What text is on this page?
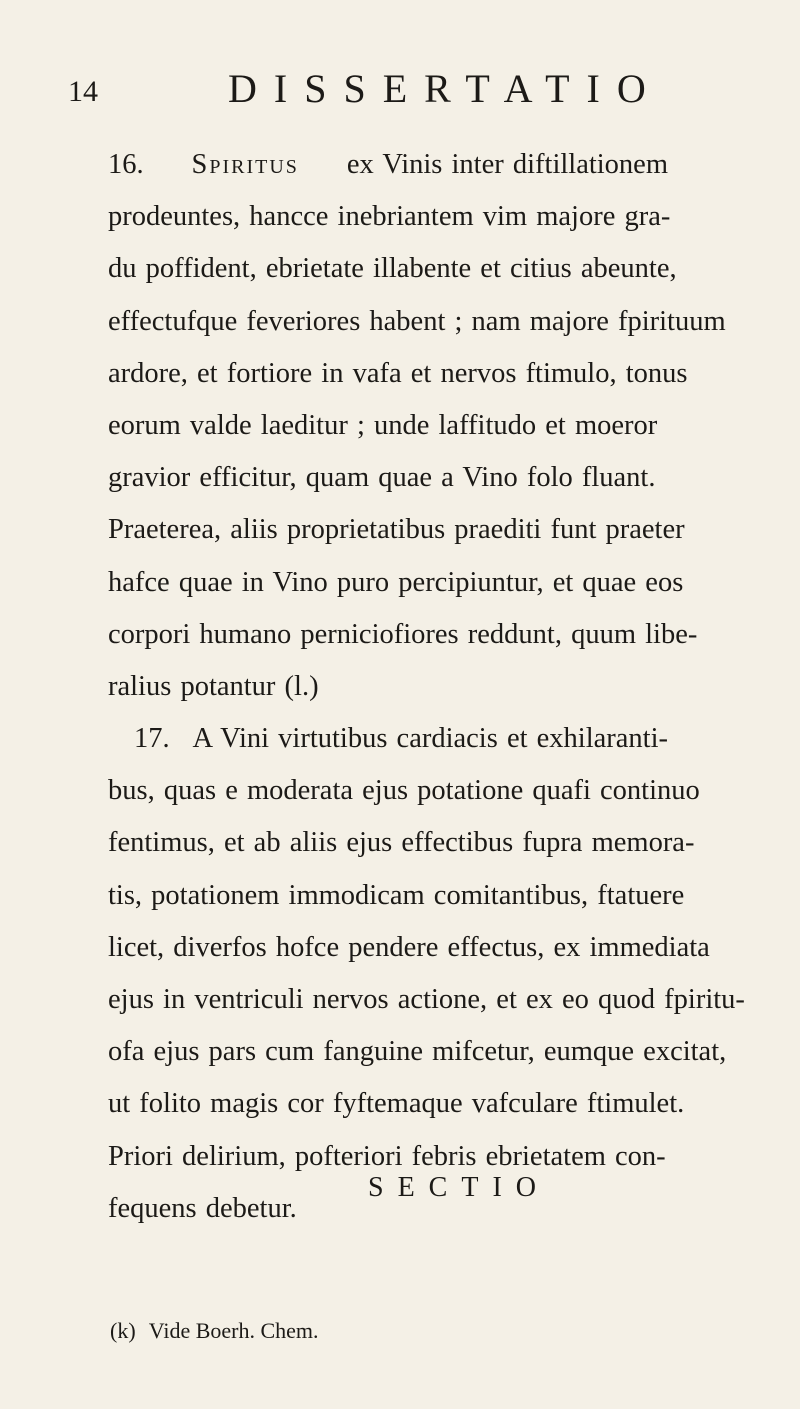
14	DISSERTATIO
16. Spiritus ex Vinis inter diftillationem
prodeuntes, hancce inebriantem vim majore gra-
du poffident, ebrietate illabente et citius abeunte,
effectufque feveriores habent ; nam majore fpirituum
ardore, et fortiore in vafa et nervos ftimulo, tonus
eorum valde laeditur ; unde laffitudo et moeror
gravior efficitur, quam quae a Vino folo fluant.
Praeterea, aliis proprietatibus praediti funt praeter
hafce quae in Vino puro percipiuntur, et quae eos
corpori humano perniciofiores reddunt, quum libe-
ralius potantur (l.)
17. A Vini virtutibus cardiacis et exhilaranti-
bus, quas e moderata ejus potatione quafi continuo
fentimus, et ab aliis ejus effectibus fupra memora-
tis, potationem immodicam comitantibus, ftatuere
licet, diverfos hofce pendere effectus, ex immediata
ejus in ventriculi nervos actione, et ex eo quod fpiritu-
ofa ejus pars cum fanguine mifcetur, eumque excitat,
ut folito magis cor fyftemaque vafculare ftimulet.
Priori delirium, pofteriori febris ebrietatem con-
fequens debetur.
SECTIO
(k) Vide Boerh. Chem.
